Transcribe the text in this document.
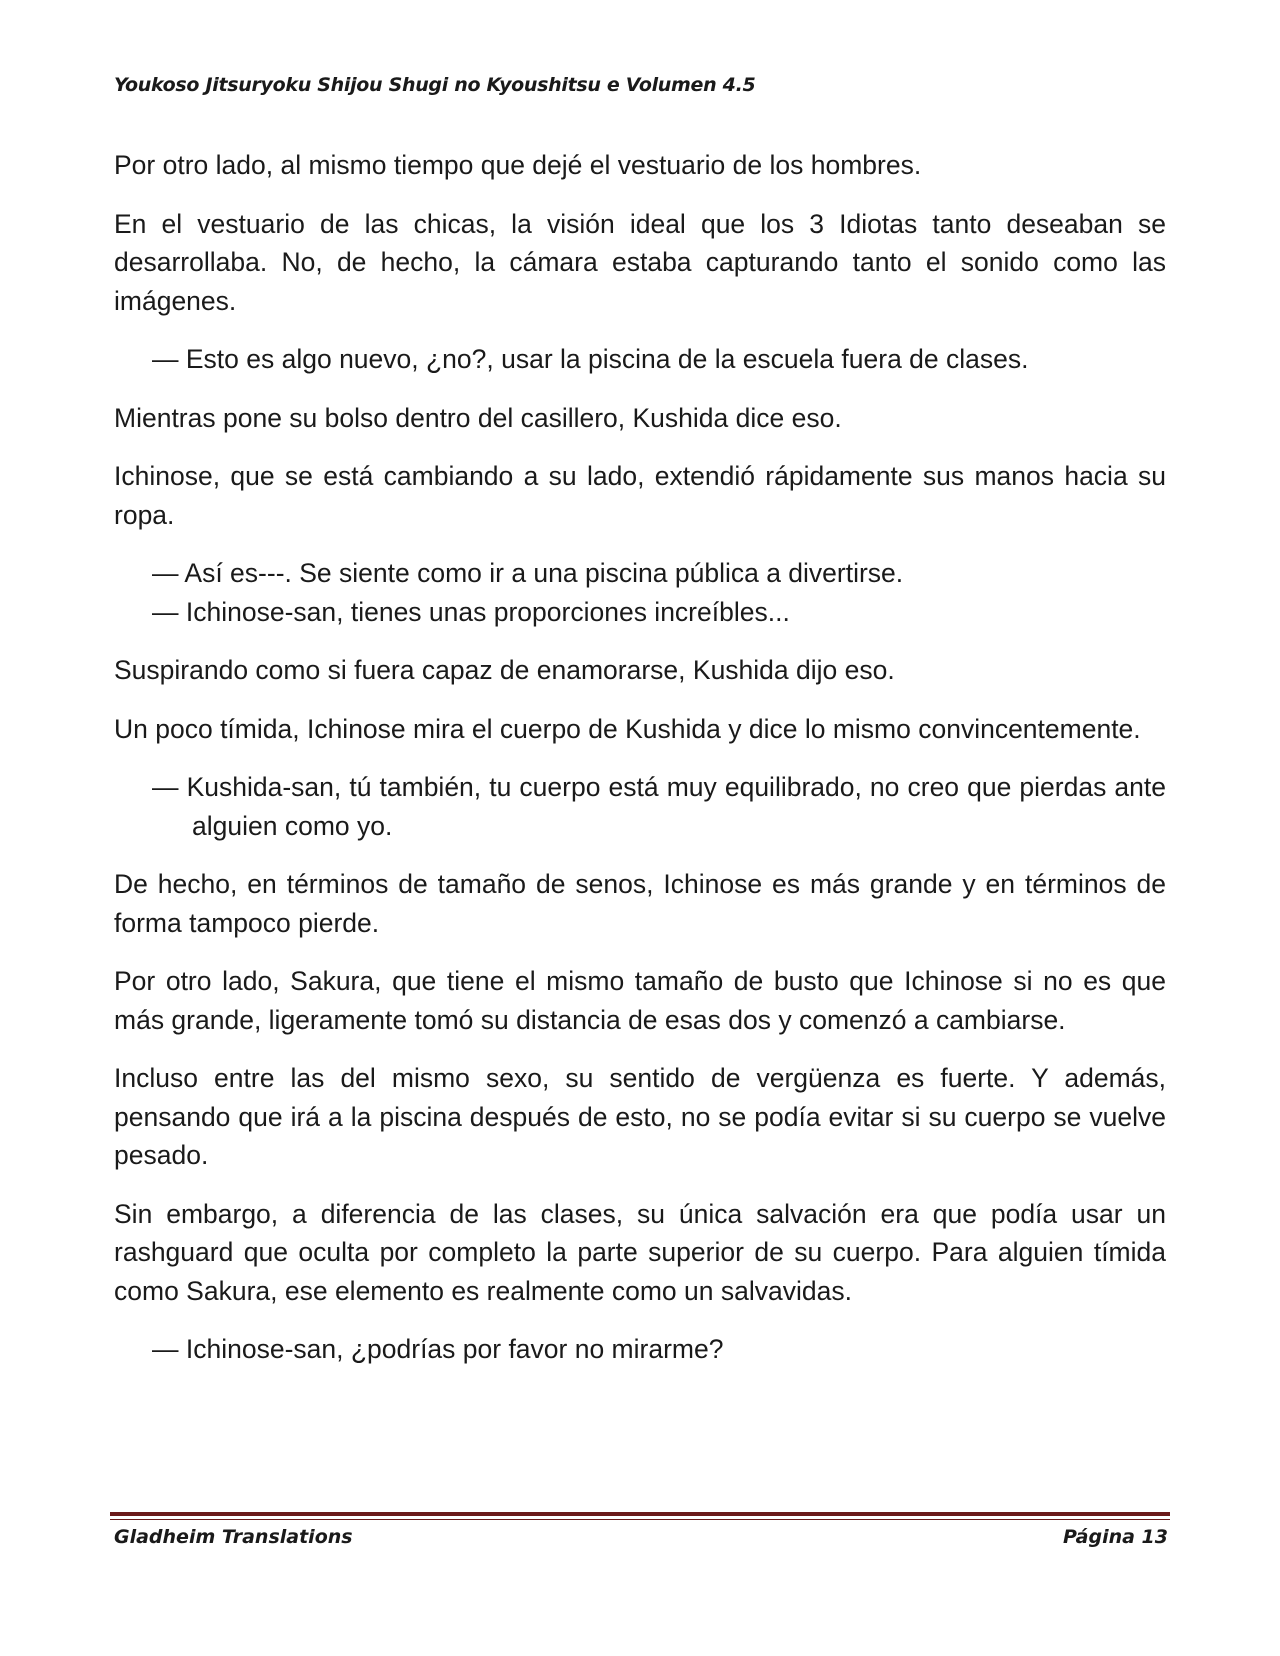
Youkoso Jitsuryoku Shijou Shugi no Kyoushitsu e Volumen 4.5

Por otro lado, al mismo tiempo que dejé el vestuario de los hombres.

En el vestuario de las chicas, la visión ideal que los 3 Idiotas tanto deseaban se desarrollaba. No, de hecho, la cámara estaba capturando tanto el sonido como las imágenes.

— Esto es algo nuevo, ¿no?, usar la piscina de la escuela fuera de clases.

Mientras pone su bolso dentro del casillero, Kushida dice eso.

Ichinose, que se está cambiando a su lado, extendió rápidamente sus manos hacia su ropa.

— Así es---. Se siente como ir a una piscina pública a divertirse.

— Ichinose-san, tienes unas proporciones increíbles...

Suspirando como si fuera capaz de enamorarse, Kushida dijo eso.

Un poco tímida, Ichinose mira el cuerpo de Kushida y dice lo mismo convincentemente.

— Kushida-san, tú también, tu cuerpo está muy equilibrado, no creo que pierdas ante alguien como yo.

De hecho, en términos de tamaño de senos, Ichinose es más grande y en términos de forma tampoco pierde.

Por otro lado, Sakura, que tiene el mismo tamaño de busto que Ichinose si no es que más grande, ligeramente tomó su distancia de esas dos y comenzó a cambiarse.

Incluso entre las del mismo sexo, su sentido de vergüenza es fuerte. Y además, pensando que irá a la piscina después de esto, no se podía evitar si su cuerpo se vuelve pesado.

Sin embargo, a diferencia de las clases, su única salvación era que podía usar un rashguard que oculta por completo la parte superior de su cuerpo. Para alguien tímida como Sakura, ese elemento es realmente como un salvavidas.

— Ichinose-san, ¿podrías por favor no mirarme?

Gladheim Translations	Página 13
